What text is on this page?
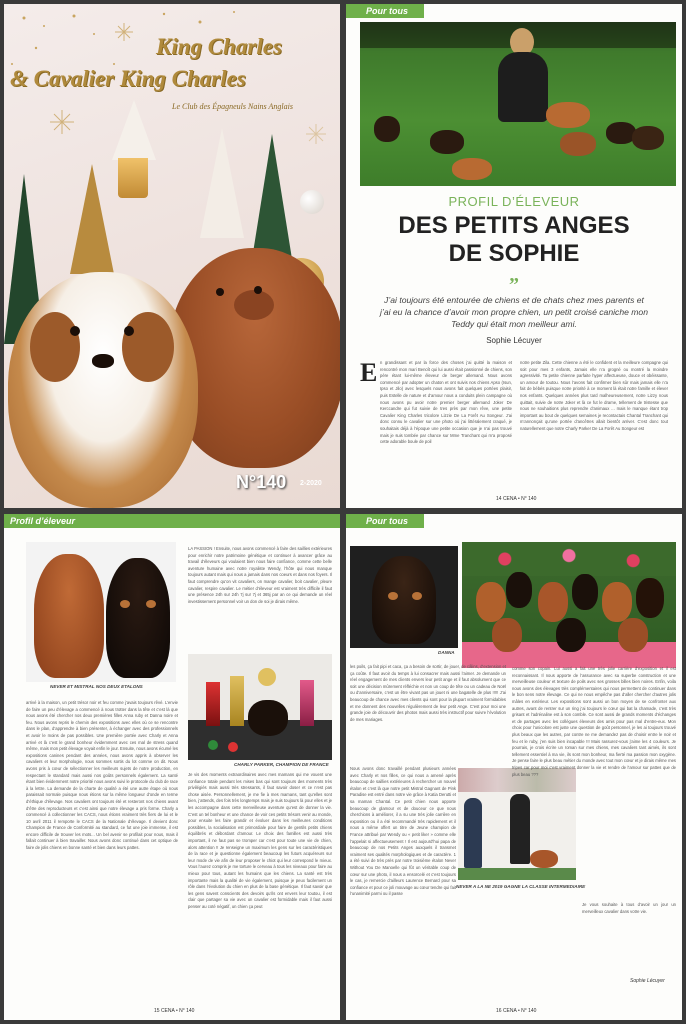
King Charles
& Cavalier King Charles
Le Club des Épagneuls Nains Anglais
N°140 2-2020
Pour tous
PROFIL D’ÉLEVEUR
DES PETITS ANGES
DE SOPHIE
”
J’ai toujours été entourée de chiens et de chats chez mes parents et j’ai eu la chance d’avoir mon propre chien, un petit croisé caniche mon Teddy qui était mon meilleur ami.
Sophie Lécuyer
E n grandissant et par la force des choses j’ai quitté la maison et rencontré mon mari Benoît qui lui aussi était passionné de chiens, son père étant lui-même éleveur de berger allemand. Nous avons commencé par adopter un chaton et ont suivis nos chiens Apso (Isun, Ipso et Jilo) avec lesquels nous avons fait quelques portées plaisir, puis Estelle de nature et d’amour nous a conduits plein campagne où nous avons pu avoir notre premier berger allemand Joker De Kerccandre qui fut suivie de tres près par mon rêve, une petite Cavalier King Charles tricolore Lizzie De La Forêt Au Songeur. J’ai donc connu le cavalier sur une photo où j’ai littéralement craqué, je souhaitais déjà à l’époque une petite occasion que je n’ai pas trouvé mais je suis tombée par chance sur Mme Tranchant qui m’a proposé cette adorable boule de poil
notre petite Zila. Cette chienne a été le confident et la meilleure compagne qui soit pour mes 3 enfants, Jamais elle n’a grogné ou montré la moindre agressivité. Ta petite chienne parfaite hyper affectueuse, douce et obéissante, un amour de toutou. Nous l’avons fait confirmer bien sûr mais jamais elle n’a fait de bébés puisque notre priorité à ce moment là était notre famille et élever nos enfants. Quelques années plus tard malheureusement, notre Lizzy nous quittait, suivie de notre Joker et là ce fut le drame, tellement de tristesse que nous ne souhaitions plus reprendre d’animaux ... mais le manque étant trop important au bout de quelques semaines je recontactais Chantal Tranchant qui m’annonçait qu’une portée d’ancêtres allait bientôt arriver. C’est donc tout naturellement que notre Charly Parker De La Forêt Au Songeur est
14 CENA • N° 140
Profil d’éleveur
NEVER ET MISTRAL NOS DEUX ETALONS
LA PASSION ! Ensuite, nous avons commencé à faire des saillies extérieures pour enrichir notre patrimoine génétique et continuer à avancer grâce au travail d’éleveurs qui voulaient bien nous faire confiance, comme cette belle aventure humaine avec notre royaliste Wendy, l’hôte qui nous manque toujours autant mais qui nous a jamais dans nos coeurs et dans nos foyers. Il faut comprendre qu’on vit cavaliers, on mange cavalier, boit cavalier, pleure cavalier, respire cavalier. Le métier d’éleveur est vraiment très difficile il faut une présence 24h sur 24h 7j sur 7j et 365j par an ce qui demande un réel investissement personnel voir un don de soi je dirais même.
arrivé à la maison, un petit trésor noir et feu comme j’avais toujours rêvé. L’envie de faire un peu d’élevage a commencé à nous trotter dans la tête et c’est là que nous avons été chercher nos deux premières filles Anna ruby et Danna noire et feu. Nous avons repris le chemin des expositions avec elles où ce se rencontre dans le plan, d’apprendre à bien présenter, à échanger avec des professionnels et avoir le moins de pas possibles. Une première portée avec Charly et Anna arrivé et là c’est le grand bonheur évidemment avec ces mal de stress quand même, mais mon petit élevage voyait enfin le jour. Ensuite, nous avons écumé les expositions canines pendant des années, nous avons appris à observer les cavaliers et leur morphologie, nous sommes sortis du lot comme on dit. Nous avons pris à cœur de sélectionner les meilleurs sujets de notre production, en respectant le standard mais aussi nos goûts personnels également. La santé étant bien évidemment notre priorité nous avons suivi le protocole du club de race à la lettre. La demande de la charte de qualité a été une autre étape où nous paraissait normale puisque nous étions sur la même longueur d’onde en terme d’éthique d’élevage. Nos cavaliers ont toujours été et resteront nos chiens avant d’être des reproducteurs et c’est ainsi que notre élevage a pris forme. Charly a commencé à collectionner les CACS, nous étions vraiment très fiers de lui et le 10 avril 2011 il remporte le CACS de la Nationale d’élevage. Il devient donc Champion de France de Conformité au standard, ce fut une joie immense, il est encore difficile de trouver les mots... Un bel avenir se profilait pour nous, mais il fallait continuer à bien travailler. Nous avons donc continué dans cet optique de faire de jolis chiens en bonne santé et bien dans leurs pattes.
CHARLY PARKER, CHAMPION DE FRANCE
Je vis des moments extraordinaires avec mes mamans qui me vouent une confiance totale pendant les mises bas qui sont toujours des moments très privilégiés mais aussi très stressants, il faut savoir doser et ce n’est pas chose aisée. Personnellement, je me fie à mes mamans, tant qu’elles sont bien, j’attends, des fois très longtemps mais je suis toujours là pour elles et je les accompagne dans cette merveilleuse aventure qu’est de donner la vie. C’est un tel bonheur et une chance de voir ces petits trésors venir au monde, pour ensuite les faire grandir et évoluer dans les meilleures conditions possibles, la socialisation est primordiale pour faire de gentils petits chiens équilibrés et débordant d’amour. Le choix des familles est aussi très important, il ne faut pas se tromper car c’est pour toute une vie de chien, alors attention !! Je renseigne un maximum les gens sur les caractéristiques de la race et je questionne également beaucoup les futurs acquéreurs sur leur mode de vie afin de leur proposer le chiot qui leur correspond le mieux. Vous l’aurez compris je me torture le cerveau à tous les niveaux pour faire au mieux pour tous, autant les humains que les chiens. La santé est très importante mais la qualité de vie également, puisque je peux facilement un rôle dans l’évolution du chien en plus de la base génétique. Il faut savoir que les gens savent conscients des devoirs qu’ils ont envers leur toutou, il est clair que partager sa vie avec un cavalier est formidable mais il faut aussi penser au coté négatif, un chien ça peut
15 CENA • N° 140
Pour tous
DANNA
les poils, ça fait pipi et caca, ça a besoin de sortir, de jouer, de câlins, d’extension et ça coûte. Il faut avoir du temps à lui consacrer mais aussi l’aimer. Je demande un réel engagement de mes clients envers leur petit ange et il faut absolument que ce soit une décision mûrement réfléchie et non un coup de tête ou un cadeau de Noël ou d’anniversaire, c’est un être vivant pas un jouet ni une bagatelle de plus !!!!! J’ai beaucoup de chance avec mes clients qui sont pour la plupart vraiment formidables et me donnent des nouvelles régulièrement de leur petit Ange. C’est pour moi une grande joie de découvrir des photos mais aussi très instructif pour suivre l’évolution de mes mariages.
Nous avons donc travaillé pendant plusieurs années avec Charly et nos filles, ce qui nous a amené après beaucoup de saillies extérieures à rechercher un nouvel étalon et c’est là que notre petit Mistral Gagnant de Pink Paradise est entré dans notre vie grâce à Katia Derutti et sa maman Chantal. Ce petit chien nous apporte beaucoup de glamour et de douceur ce que nous cherchions à améliorer, il a su une très jolie carrière en exposition ou il a été recommandé très rapidement et il nous a même offert un titre de Jeune champion de France attribué par Wendy ou « petit liker » comme elle l’appelait si affectueusement ! Il est aujourd’hui papa de beaucoup de nos Petits Anges auxquels il transmet vraiment ses qualités morphologiques et de caractère. 1 a été suivi de très près par notre troisième étalon Never Without You De Manoelle qui fût un véritable coup de cœur sur une photo, il nous a ensorcelé et c’est toujours le cas, je remercie d’ailleurs Laurence Bernard pour sa confiance et pour ce joli mouvage au cœur tendre qui fait l’unanimité parmi ou il passe
NEVER A LA NE 2019 GAGNE LA CLASSE INTERMEDIAIRE
comme son copain. Lui aussi a fait une très jolie carrière d’exposition et il est reconnaissant. Il nous apporte de l’assurance avec sa superbe construction et une merveilleuse couleur et texture de poils avec ses grosses billes bien noires. Enfin, voila nous avons des élevages très complémentaires qui nous permettent de continuer dans le bon sens notre élevage. Ce qui ne nous empêche pas d’aller chercher d’autres jolis mâles en extérieur. Les expositions sont aussi un bon moyen de se confronter aux autres, avant de rentrer sur un ring j’ai toujours le cœur qui bat la chamade, c’est très grisant et l’adrénaline est à son comble. Ce sont aussi de grands moments d’échanges et de partages avec les collègues éleveurs des amis pour pas mal d’entre-eux. Mon choix pour l’unicolore est juste une question de goût personnel, je les ai toujours trouvé plus beaux que les autres, par contre ne me demandez pas de choisir entre le noir et feu et le ruby, j’en suis bien incapable !!! Mais rassurez-vous j’aime les 4 couleurs. Je pourrais, je crois écrire un roman sur mes chiens, mes cavaliers tant aimés, ils sont tellement essentiel à ma vie, ils sont mon bonheur, ma fierté ma passion mon oxygène. Je pense faire le plus beau métier du monde avec tout mon cœur et je dirais même mes tripes car pour moi c’est vraiment donner la vie et rendre de l’amour sur pattes que de plus beau ???
Je vous souhaite à tous d’avoir un jour un merveilleux cavalier dans votre vie.
Sophie Lécuyer
16 CENA • N° 140
